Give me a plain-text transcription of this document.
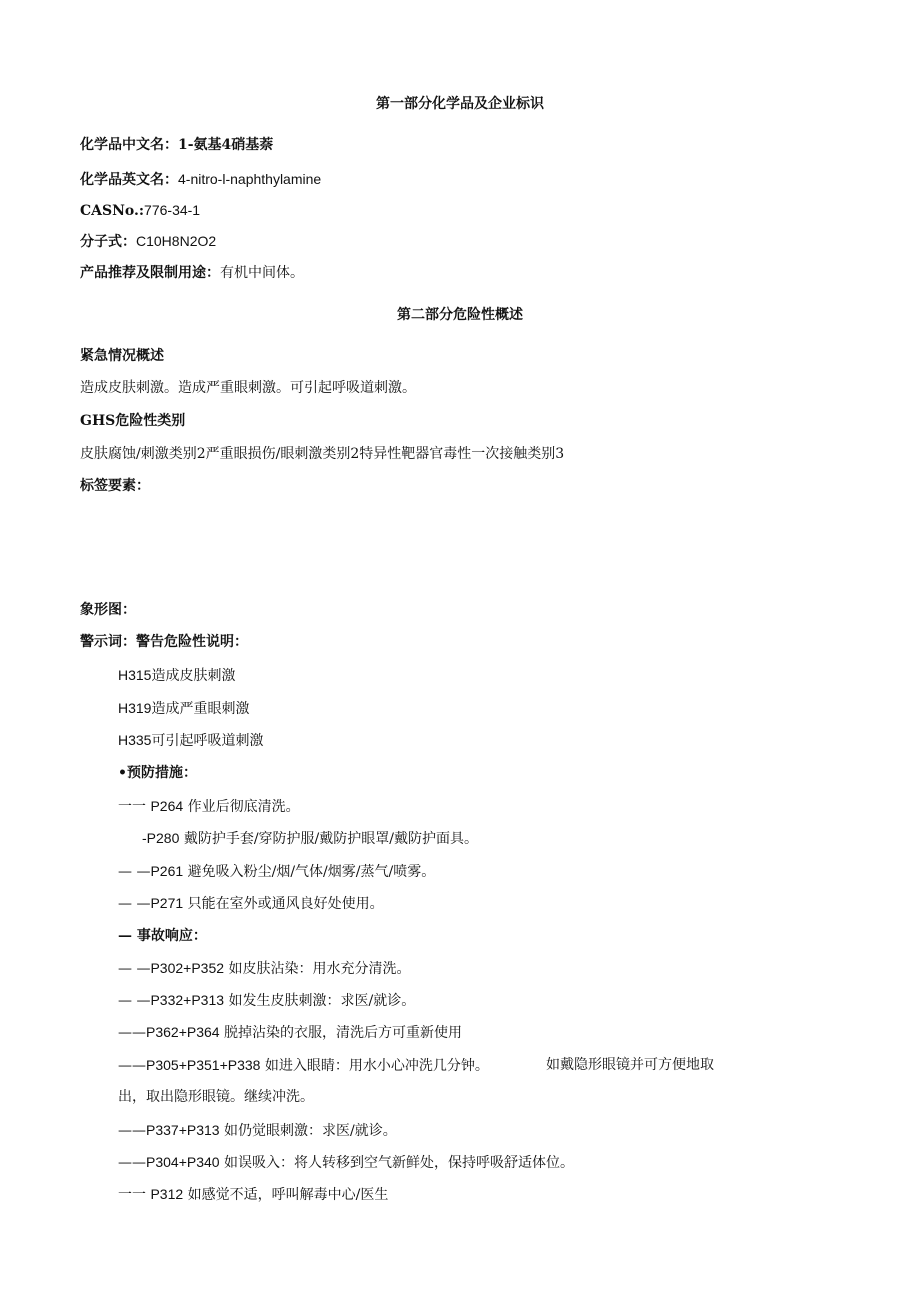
第一部分化学品及企业标识
化学品中文名：1-氨基4硝基萘
化学品英文名：4-nitro-l-naphthylamine
CASNo.:776-34-1
分子式：C10H8N2O2
产品推荐及限制用途：有机中间体。
第二部分危险性概述
紧急情况概述
造成皮肤刺激。造成严重眼刺激。可引起呼吸道刺激。
GHS危险性类别
皮肤腐蚀/刺激类别2严重眼损伤/眼刺激类别2特异性靶器官毒性一次接触类别3
标签要素：
象形图：
警示词：警告危险性说明：
H315造成皮肤刺激
H319造成严重眼刺激
H335可引起呼吸道刺激
•预防措施：
一一 P264 作业后彻底清洗。
-P280 戴防护手套/穿防护服/戴防护眼罩/戴防护面具。
— —P261 避免吸入粉尘/烟/气体/烟雾/蒸气/喷雾。
— —P271 只能在室外或通风良好处使用。
— 事故响应：
— —P302+P352 如皮肤沾染：用水充分清洗。
— —P332+P313 如发生皮肤刺激：求医/就诊。
——P362+P364 脱掉沾染的衣服，清洗后方可重新使用
——P305+P351+P338 如进入眼睛：用水小心冲洗几分钟。	如戴隐形眼镜并可方便地取
出，取出隐形眼镜。继续冲洗。
——P337+P313 如仍觉眼刺激：求医/就诊。
——P304+P340 如误吸入：将人转移到空气新鲜处，保持呼吸舒适体位。
一一 P312 如感觉不适，呼叫解毒中心/医生
